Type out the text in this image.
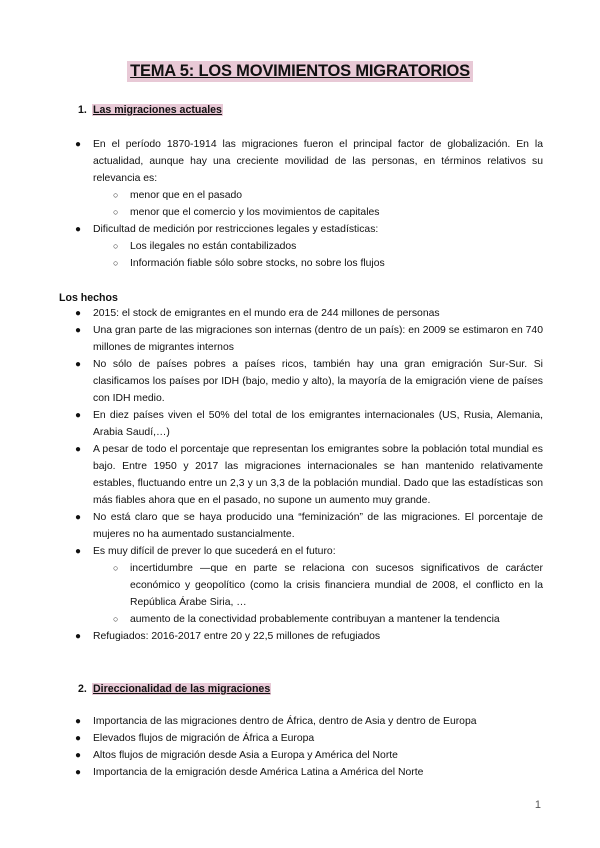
TEMA 5: LOS MOVIMIENTOS MIGRATORIOS
1. Las migraciones actuales
● En el período 1870-1914 las migraciones fueron el principal factor de globalización. En la actualidad, aunque hay una creciente movilidad de las personas, en términos relativos su relevancia es:
○ menor que en el pasado
○ menor que el comercio y los movimientos de capitales
● Dificultad de medición por restricciones legales y estadísticas:
○ Los ilegales no están contabilizados
○ Información fiable sólo sobre stocks, no sobre los flujos
Los hechos
● 2015: el stock de emigrantes en el mundo era de 244 millones de personas
● Una gran parte de las migraciones son internas (dentro de un país): en 2009 se estimaron en 740 millones de migrantes internos
● No sólo de países pobres a países ricos, también hay una gran emigración Sur-Sur. Si clasificamos los países por IDH (bajo, medio y alto), la mayoría de la emigración viene de países con IDH medio.
● En diez países viven el 50% del total de los emigrantes internacionales (US, Rusia, Alemania, Arabia Saudí,…)
● A pesar de todo el porcentaje que representan los emigrantes sobre la población total mundial es bajo. Entre 1950 y 2017 las migraciones internacionales se han mantenido relativamente estables, fluctuando entre un 2,3 y un 3,3 de la población mundial. Dado que las estadísticas son más fiables ahora que en el pasado, no supone un aumento muy grande.
● No está claro que se haya producido una “feminización” de las migraciones. El porcentaje de mujeres no ha aumentado sustancialmente.
● Es muy difícil de prever lo que sucederá en el futuro:
○ incertidumbre —que en parte se relaciona con sucesos significativos de carácter económico y geopolítico (como la crisis financiera mundial de 2008, el conflicto en la República Árabe Siria, …
○ aumento de la conectividad probablemente contribuyan a mantener la tendencia
● Refugiados: 2016-2017 entre 20 y 22,5 millones de refugiados
2. Direccionalidad de las migraciones
● Importancia de las migraciones dentro de África, dentro de Asia y dentro de Europa
● Elevados flujos de migración de África a Europa
● Altos flujos de migración desde Asia a Europa y América del Norte
● Importancia de la emigración desde América Latina a América del Norte
1
